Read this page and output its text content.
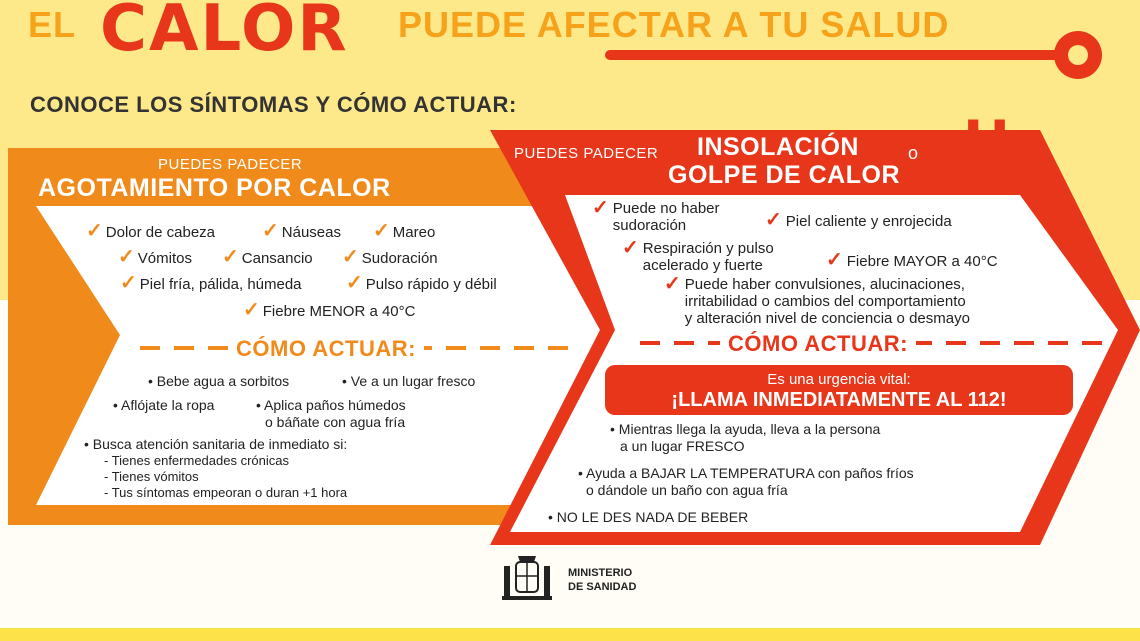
EL CALOR PUEDE AFECTAR A TU SALUD
CONOCE LOS SÍNTOMAS Y CÓMO ACTUAR:
PUEDES PADECER
AGOTAMIENTO POR CALOR
✓ Dolor de cabeza ✓ Náuseas ✓ Mareo
✓ Vómitos ✓ Cansancio ✓ Sudoración
✓ Piel fría, pálida, húmeda ✓ Pulso rápido y débil
✓ Fiebre MENOR a 40°C
CÓMO ACTUAR:
• Bebe agua a sorbitos	• Ve a un lugar fresco
• Aflójate la ropa	• Aplica paños húmedos
o báñate con agua fría
• Busca atención sanitaria de inmediato si:
- Tienes enfermedades crónicas
- Tienes vómitos
- Tus síntomas empeoran o duran +1 hora
PUEDES PADECER INSOLACIÓN	o
GOLPE DE CALOR !!
✓ Puede no haber
sudoración	✓ Piel caliente y enrojecida
✓ Respiración y pulso
acelerado y fuerte	✓ Fiebre MAYOR a 40°C
✓ Puede haber convulsiones, alucinaciones,
irritabilidad o cambios del comportamiento
y alteración nivel de conciencia o desmayo
CÓMO ACTUAR:
Es una urgencia vital:
¡LLAMA INMEDIATAMENTE AL 112!
• Mientras llega la ayuda, lleva a la persona
a un lugar FRESCO
• Ayuda a BAJAR LA TEMPERATURA con paños fríos
o dándole un baño con agua fría
• NO LE DES NADA DE BEBER
MINISTERIO
DE SANIDAD
